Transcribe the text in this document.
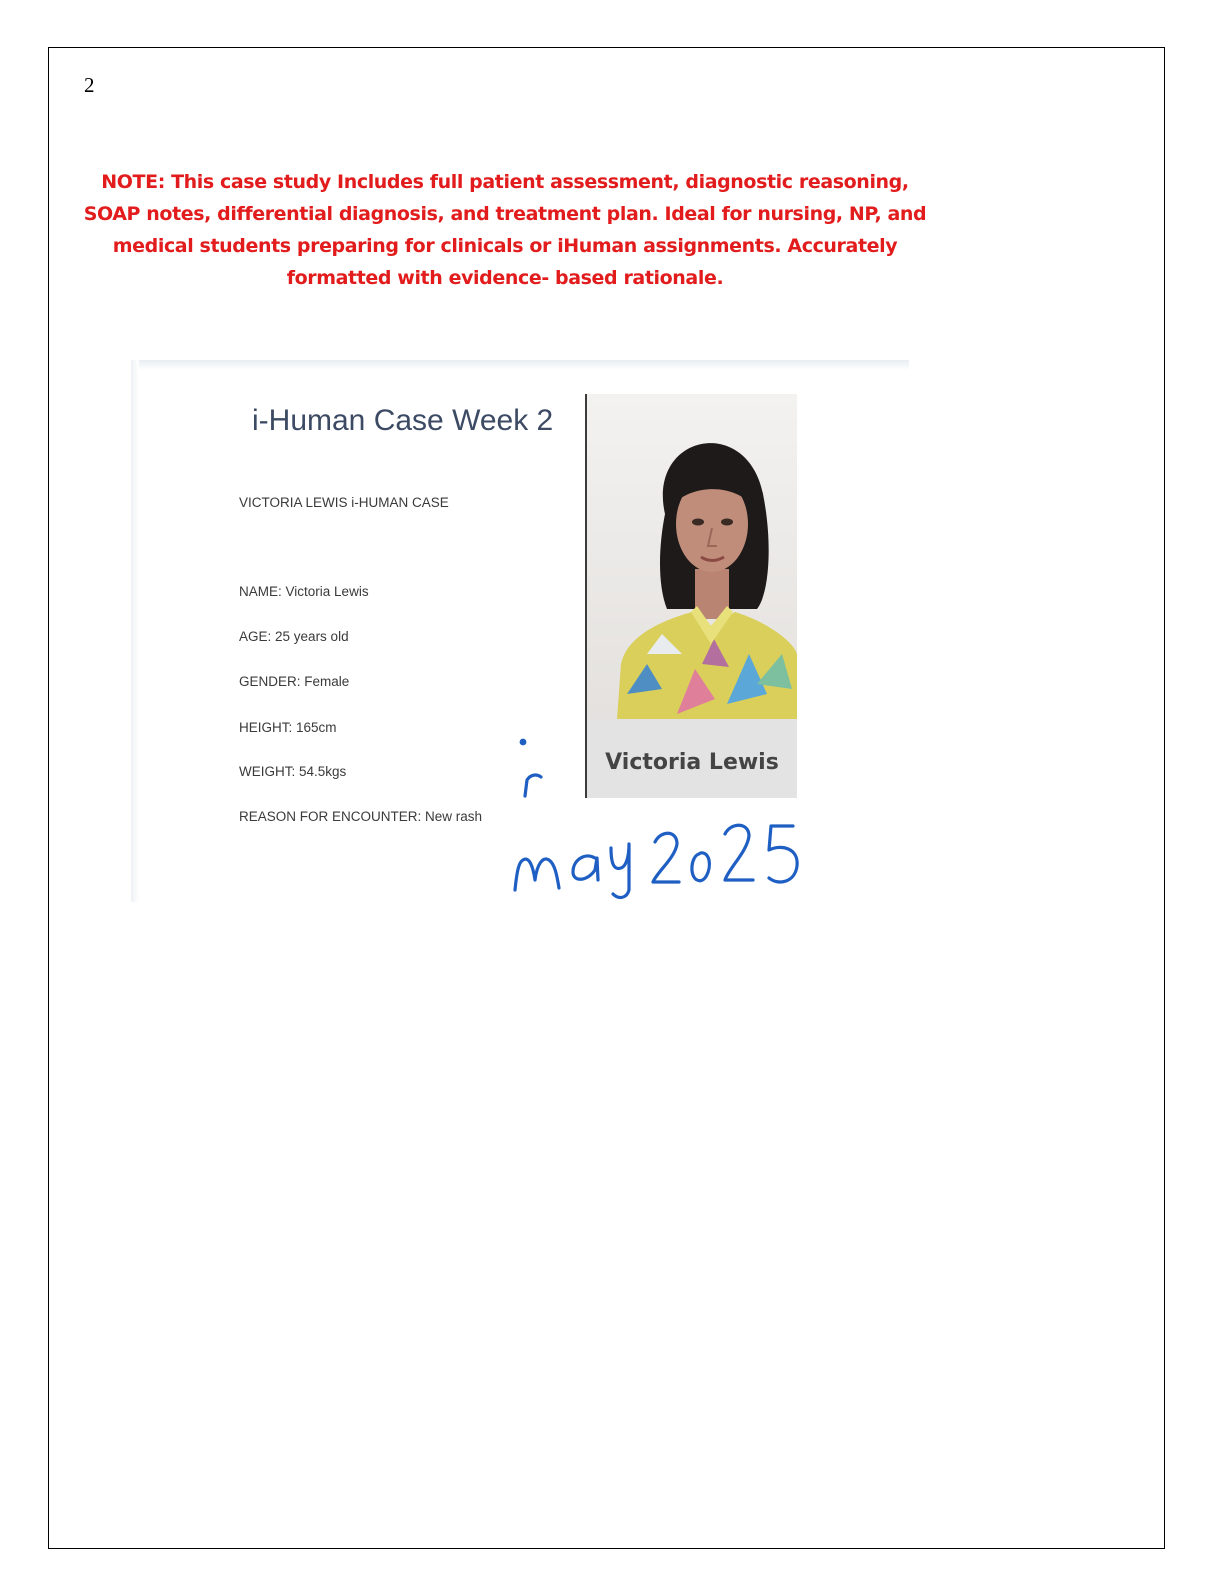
2
NOTE: This case study Includes full patient assessment, diagnostic reasoning, SOAP notes, differential diagnosis, and treatment plan. Ideal for nursing, NP, and medical students preparing for clinicals or iHuman assignments. Accurately formatted with evidence- based rationale.
i-Human Case Week 2
VICTORIA LEWIS i-HUMAN CASE
NAME: Victoria Lewis
AGE: 25 years old
GENDER: Female
HEIGHT: 165cm
WEIGHT: 54.5kgs
REASON FOR ENCOUNTER: New rash
Victoria Lewis
